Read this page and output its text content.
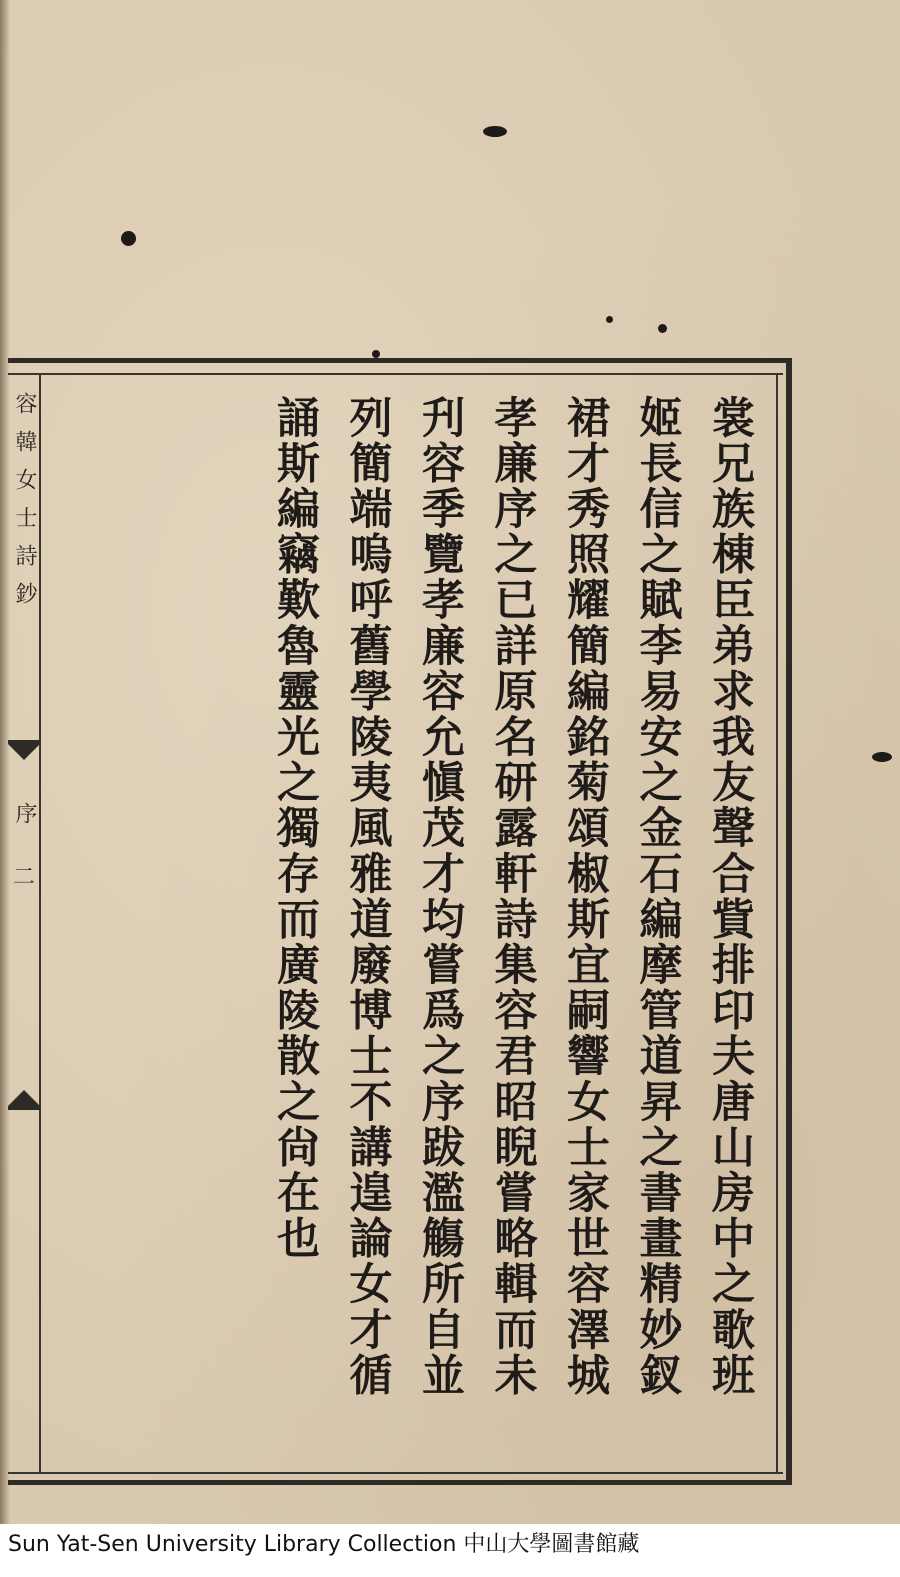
容韓女士詩鈔
序
二	裳兄族棟臣弟求我友聲合貲排印夫唐山房中之歌班
姬長信之賦李易安之金石編摩管道昇之書畫精妙釵
裙才秀照耀簡編銘菊頌椒斯宜嗣響女士家世容澤城
孝廉序之已詳原名研露軒詩集容君昭睨嘗略輯而未
刋容季覽孝廉容允愼茂才均嘗爲之序跋濫觴所自並
列簡端嗚呼舊學陵夷風雅道廢博士不講遑論女才循
誦斯編竊歎魯靈光之獨存而廣陵散之尙在也
Sun Yat-Sen University Library Collection 中山大學圖書館藏
